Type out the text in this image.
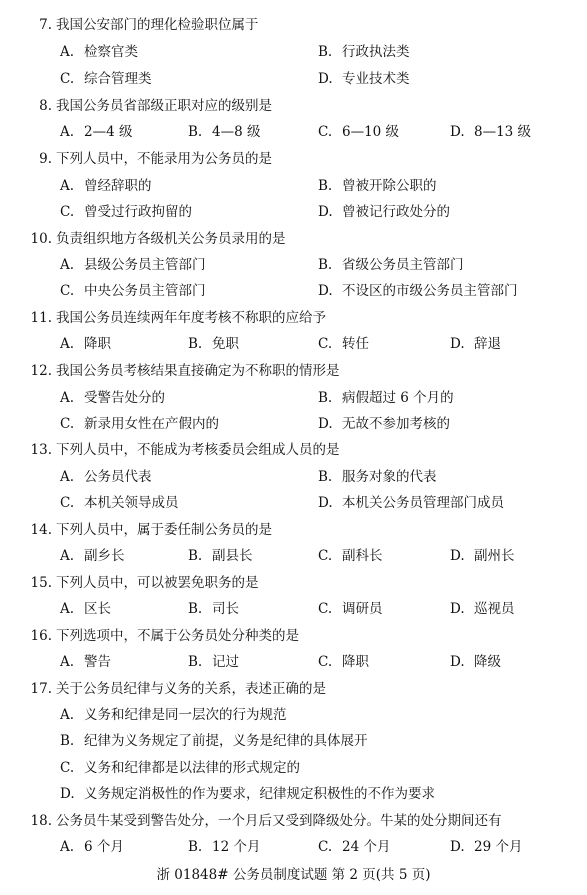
7. 我国公安部门的理化检验职位属于
A. 检察官类	B. 行政执法类
C. 综合管理类	D. 专业技术类
8. 我国公务员省部级正职对应的级别是
A. 2—4 级	B. 4—8 级	C. 6—10 级	D. 8—13 级
9. 下列人员中，不能录用为公务员的是
A. 曾经辞职的	B. 曾被开除公职的
C. 曾受过行政拘留的	D. 曾被记行政处分的
10. 负责组织地方各级机关公务员录用的是
A. 县级公务员主管部门	B. 省级公务员主管部门
C. 中央公务员主管部门	D. 不设区的市级公务员主管部门
11. 我国公务员连续两年年度考核不称职的应给予
A. 降职	B. 免职	C. 转任	D. 辞退
12. 我国公务员考核结果直接确定为不称职的情形是
A. 受警告处分的	B. 病假超过 6 个月的
C. 新录用女性在产假内的	D. 无故不参加考核的
13. 下列人员中，不能成为考核委员会组成人员的是
A. 公务员代表	B. 服务对象的代表
C. 本机关领导成员	D. 本机关公务员管理部门成员
14. 下列人员中，属于委任制公务员的是
A. 副乡长	B. 副县长	C. 副科长	D. 副州长
15. 下列人员中，可以被罢免职务的是
A. 区长	B. 司长	C. 调研员	D. 巡视员
16. 下列选项中，不属于公务员处分种类的是
A. 警告	B. 记过	C. 降职	D. 降级
17. 关于公务员纪律与义务的关系，表述正确的是
A. 义务和纪律是同一层次的行为规范
B. 纪律为义务规定了前提，义务是纪律的具体展开
C. 义务和纪律都是以法律的形式规定的
D. 义务规定消极性的作为要求，纪律规定积极性的不作为要求
18. 公务员牛某受到警告处分，一个月后又受到降级处分。牛某的处分期间还有
A. 6 个月	B. 12 个月	C. 24 个月	D. 29 个月
浙 01848# 公务员制度试题 第 2 页(共 5 页)
